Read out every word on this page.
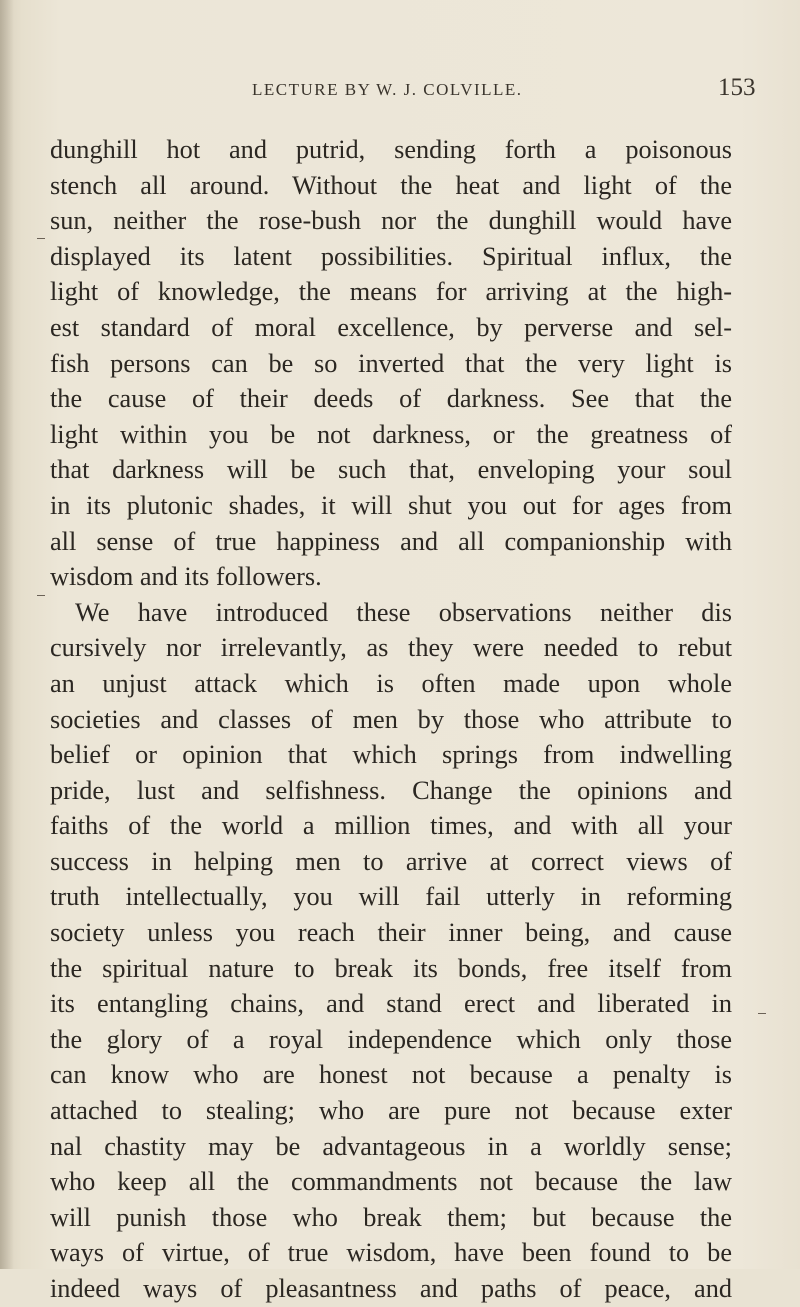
LECTURE BY W. J. COLVILLE.	153
dunghill hot and putrid, sending forth a poisonous
stench all around. Without the heat and light of the
sun, neither the rose-bush nor the dunghill would have
displayed its latent possibilities. Spiritual influx, the
light of knowledge, the means for arriving at the high-
est standard of moral excellence, by perverse and sel-
fish persons can be so inverted that the very light is
the cause of their deeds of darkness. See that the
light within you be not darkness, or the greatness of
that darkness will be such that, enveloping your soul
in its plutonic shades, it will shut you out for ages from
all sense of true happiness and all companionship with
wisdom and its followers.
We have introduced these observations neither dis
cursively nor irrelevantly, as they were needed to rebut
an unjust attack which is often made upon whole
societies and classes of men by those who attribute to
belief or opinion that which springs from indwelling
pride, lust and selfishness. Change the opinions and
faiths of the world a million times, and with all your
success in helping men to arrive at correct views of
truth intellectually, you will fail utterly in reforming
society unless you reach their inner being, and cause
the spiritual nature to break its bonds, free itself from
its entangling chains, and stand erect and liberated in
the glory of a royal independence which only those
can know who are honest not because a penalty is
attached to stealing; who are pure not because exter
nal chastity may be advantageous in a worldly sense;
who keep all the commandments not because the law
will punish those who break them; but because the
ways of virtue, of true wisdom, have been found to be
indeed ways of pleasantness and paths of peace, and
